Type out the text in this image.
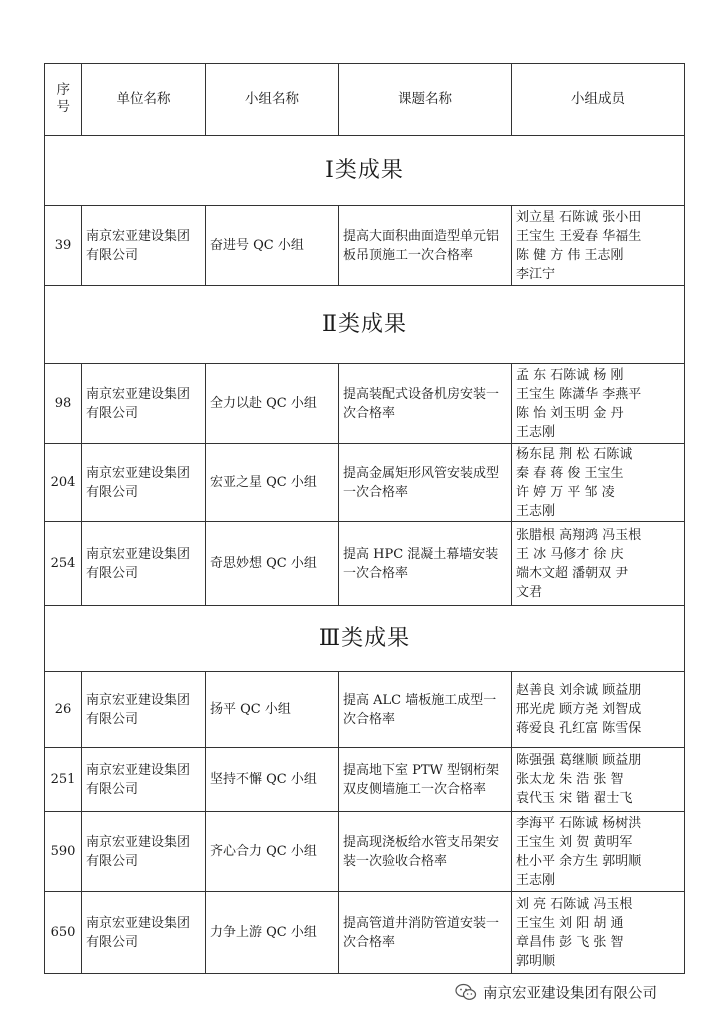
序号	单位名称	小组名称	课题名称	小组成员
Ⅰ类成果				
39	南京宏亚建设集团有限公司	奋进号 QC 小组	提高大面积曲面造型单元铝板吊顶施工一次合格率	刘立星 石陈诚 张小田
王宝生 王爱春 华福生
陈 健 方 伟 王志刚
李江宁

Ⅱ类成果				
98	南京宏亚建设集团有限公司	全力以赴 QC 小组	提高装配式设备机房安装一次合格率	孟 东 石陈诚 杨 刚
王宝生 陈潇华 李燕平
陈 怡 刘玉明 金 丹
王志刚

204	南京宏亚建设集团有限公司	宏亚之星 QC 小组	提高金属矩形风管安装成型一次合格率	杨东昆 荆 松 石陈诚
秦 春 蒋 俊 王宝生
许 婷 万 平 邹 凌
王志刚

254	南京宏亚建设集团有限公司	奇思妙想 QC 小组	提高 HPC 混凝土幕墙安装一次合格率	张腊根 高翔鸿 冯玉根
王 冰 马修才 徐 庆
端木文超 潘朝双 尹
文君

Ⅲ类成果				
26	南京宏亚建设集团有限公司	扬平 QC 小组	提高 ALC 墙板施工成型一次合格率	赵善良 刘余诚 顾益朋
邢光虎 顾方尧 刘智成
蒋爱良 孔红富 陈雪保

251	南京宏亚建设集团有限公司	坚持不懈 QC 小组	提高地下室 PTW 型钢桁架双皮侧墙施工一次合格率	陈强强 葛继顺 顾益朋
张太龙 朱 浩 张 智
袁代玉 宋 锴 翟士飞

590	南京宏亚建设集团有限公司	齐心合力 QC 小组	提高现浇板给水管支吊架安装一次验收合格率	李海平 石陈诚 杨树洪
王宝生 刘 贺 黄明军
杜小平 余方生 郭明顺
王志刚

650	南京宏亚建设集团有限公司	力争上游 QC 小组	提高管道井消防管道安装一次合格率	刘 亮 石陈诚 冯玉根
王宝生 刘 阳 胡 通
章昌伟 彭 飞 张 智
郭明顺
南京宏亚建设集团有限公司
